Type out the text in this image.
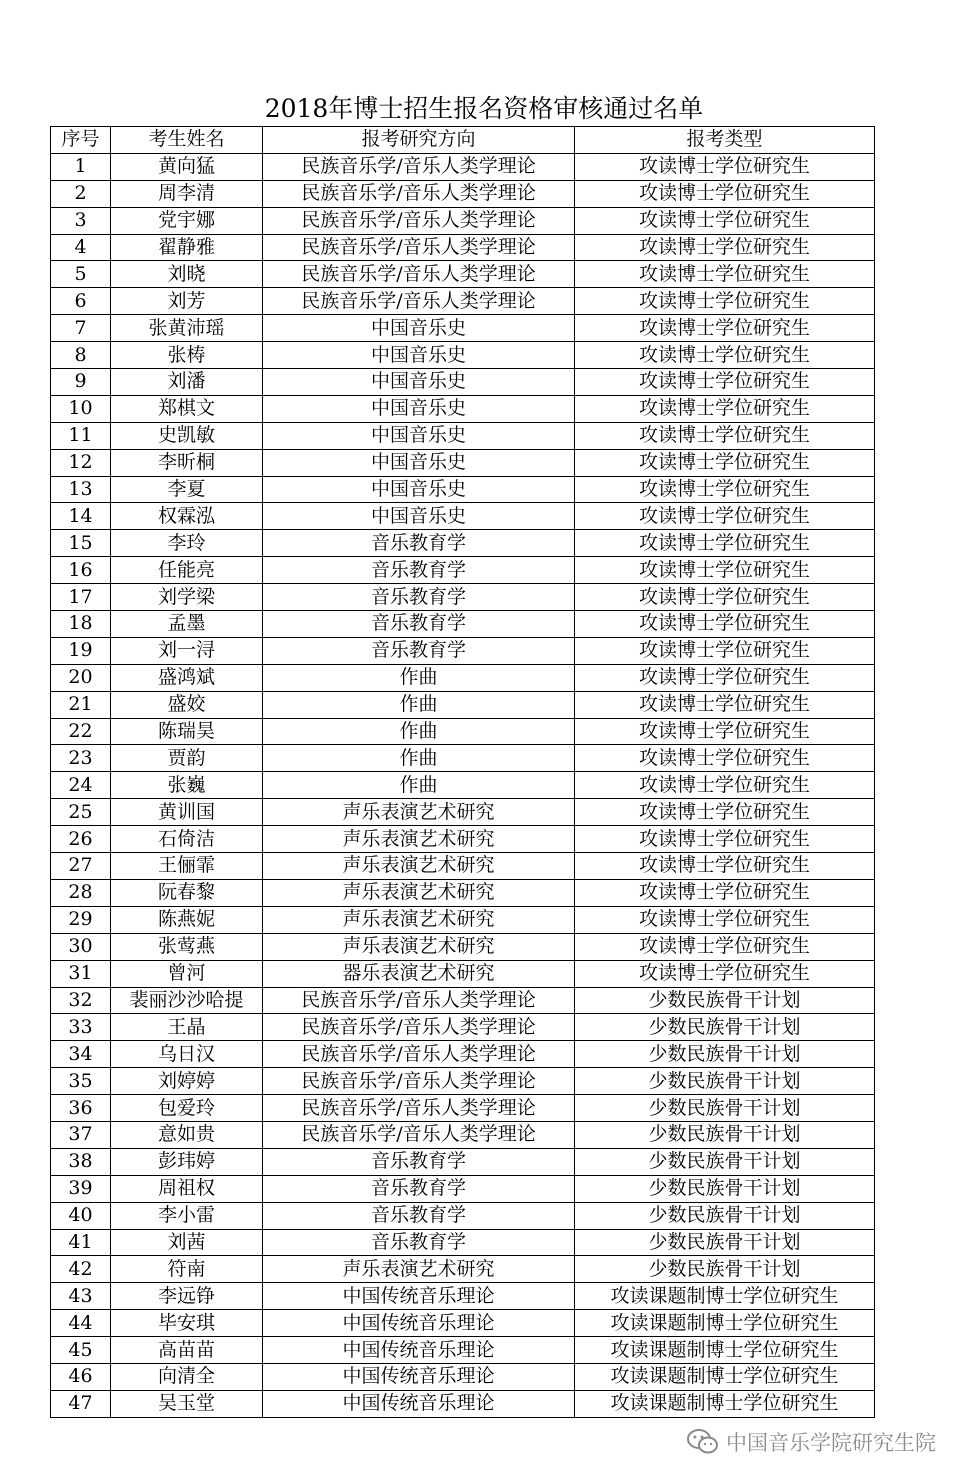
2018年博士招生报名资格审核通过名单
序号	考生姓名	报考研究方向	报考类型
1	黄向猛	民族音乐学/音乐人类学理论	攻读博士学位研究生
2	周李清	民族音乐学/音乐人类学理论	攻读博士学位研究生
3	党宇娜	民族音乐学/音乐人类学理论	攻读博士学位研究生
4	翟静雅	民族音乐学/音乐人类学理论	攻读博士学位研究生
5	刘晓	民族音乐学/音乐人类学理论	攻读博士学位研究生
6	刘芳	民族音乐学/音乐人类学理论	攻读博士学位研究生
7	张黄沛瑶	中国音乐史	攻读博士学位研究生
8	张梼	中国音乐史	攻读博士学位研究生
9	刘潘	中国音乐史	攻读博士学位研究生
10	郑棋文	中国音乐史	攻读博士学位研究生
11	史凯敏	中国音乐史	攻读博士学位研究生
12	李昕桐	中国音乐史	攻读博士学位研究生
13	李夏	中国音乐史	攻读博士学位研究生
14	权霖泓	中国音乐史	攻读博士学位研究生
15	李玲	音乐教育学	攻读博士学位研究生
16	任能亮	音乐教育学	攻读博士学位研究生
17	刘学梁	音乐教育学	攻读博士学位研究生
18	孟墨	音乐教育学	攻读博士学位研究生
19	刘一浔	音乐教育学	攻读博士学位研究生
20	盛鸿斌	作曲	攻读博士学位研究生
21	盛姣	作曲	攻读博士学位研究生
22	陈瑞昊	作曲	攻读博士学位研究生
23	贾韵	作曲	攻读博士学位研究生
24	张巍	作曲	攻读博士学位研究生
25	黄训国	声乐表演艺术研究	攻读博士学位研究生
26	石倚洁	声乐表演艺术研究	攻读博士学位研究生
27	王俪霏	声乐表演艺术研究	攻读博士学位研究生
28	阮春黎	声乐表演艺术研究	攻读博士学位研究生
29	陈燕妮	声乐表演艺术研究	攻读博士学位研究生
30	张莺燕	声乐表演艺术研究	攻读博士学位研究生
31	曾河	器乐表演艺术研究	攻读博士学位研究生
32	裴丽沙沙哈提	民族音乐学/音乐人类学理论	少数民族骨干计划
33	王晶	民族音乐学/音乐人类学理论	少数民族骨干计划
34	乌日汉	民族音乐学/音乐人类学理论	少数民族骨干计划
35	刘婷婷	民族音乐学/音乐人类学理论	少数民族骨干计划
36	包爱玲	民族音乐学/音乐人类学理论	少数民族骨干计划
37	意如贵	民族音乐学/音乐人类学理论	少数民族骨干计划
38	彭玮婷	音乐教育学	少数民族骨干计划
39	周祖权	音乐教育学	少数民族骨干计划
40	李小雷	音乐教育学	少数民族骨干计划
41	刘茜	音乐教育学	少数民族骨干计划
42	符南	声乐表演艺术研究	少数民族骨干计划
43	李远铮	中国传统音乐理论	攻读课题制博士学位研究生
44	毕安琪	中国传统音乐理论	攻读课题制博士学位研究生
45	高苗苗	中国传统音乐理论	攻读课题制博士学位研究生
46	向清全	中国传统音乐理论	攻读课题制博士学位研究生
47	吴玉堂	中国传统音乐理论	攻读课题制博士学位研究生
中国音乐学院研究生院
